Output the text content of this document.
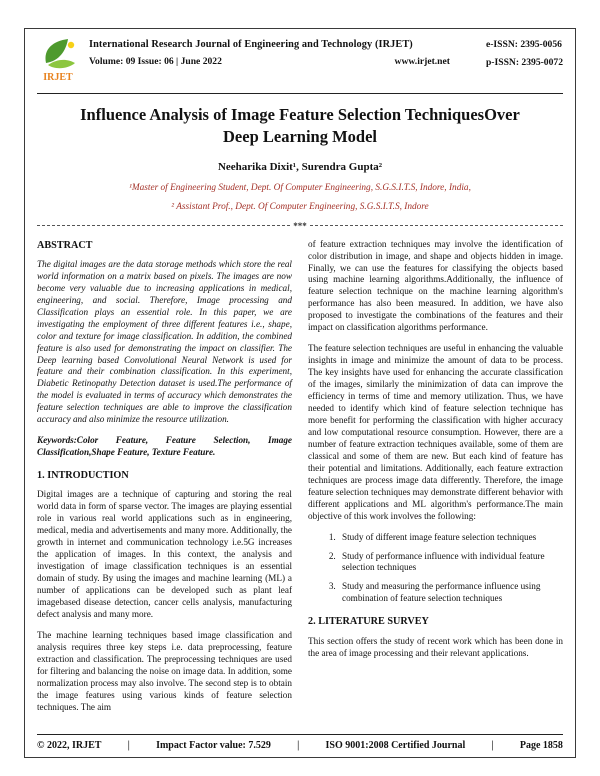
IRJET
International Research Journal of Engineering and Technology (IRJET)
Volume: 09 Issue: 06 | June 2022	www.irjet.net
e-ISSN: 2395-0056
p-ISSN: 2395-0072
Influence Analysis of Image Feature Selection TechniquesOver Deep Learning Model
Neeharika Dixit¹, Surendra Gupta²
¹Master of Engineering Student, Dept. Of Computer Engineering, S.G.S.I.T.S, Indore, India,
² Assistant Prof., Dept. Of Computer Engineering, S.G.S.I.T.S, Indore
***
ABSTRACT

The digital images are the data storage methods which store the real world information on a matrix based on pixels. The images are now become very valuable due to increasing applications in medical, engineering, and social. Therefore, Image processing and Classification plays an essential role. In this paper, we are investigating the employment of three different features i.e., shape, color and texture for image classification. In addition, the combined feature is also used for demonstrating the impact on classifier. The Deep learning based Convolutional Neural Network is used for feature and their combination classification. In this experiment, Diabetic Retinopathy Detection dataset is used.The performance of the model is evaluated in terms of accuracy which demonstrates the feature selection techniques are able to improve the classification accuracy and also minimize the resource utilization.

Keywords:Color Feature, Feature Selection, Image Classification,Shape Feature, Texture Feature.

1. INTRODUCTION

Digital images are a technique of capturing and storing the real world data in form of sparse vector. The images are playing essential role in various real world applications such as in engineering, medical, media and advertisements and many more. Additionally, the growth in internet and communication technology i.e.5G increases the application of images. In this context, the analysis and investigation of image classification techniques is an essential domain of study. By using the images and machine learning (ML) a number of applications can be developed such as plant leaf imagebased disease detection, cancer cells analysis, manufacturing defect analysis and many more.

The machine learning techniques based image classification and analysis requires three key steps i.e. data preprocessing, feature extraction and classification. The preprocessing techniques are used for filtering and balancing the noise on image data. In addition, some normalization process may also involve. The second step is to obtain the image features using various kinds of feature selection techniques. The aim

of feature extraction techniques may involve the identification of color distribution in image, and shape and objects hidden in image. Finally, we can use the features for classifying the objects based using machine learning algorithms.Additionally, the influence of feature selection technique on the machine learning algorithm's performance has also been measured. In addition, we have also proposed to investigate the combinations of the features and their impact on classification algorithms performance.

The feature selection techniques are useful in enhancing the valuable insights in image and minimize the amount of data to be process. The key insights have used for enhancing the accurate classification of the images, similarly the minimization of data can improve the efficiency in terms of time and memory utilization. Thus, we have needed to identify which kind of feature selection technique has more benefit for performing the classification with higher accuracy and low computational resource consumption. However, there are a number of feature extraction techniques available, some of them are classical and some of them are new. But each kind of feature has their potential and limitations. Additionally, each feature extraction techniques are process image data differently. Therefore, the image feature selection techniques may demonstrate different behavior with different applications and ML algorithm's performance.The main objective of this work involves the following:

1. Study of different image feature selection techniques
2. Study of performance influence with individual feature selection techniques
3. Study and measuring the performance influence using combination of feature selection techniques
2. LITERATURE SURVEY

This section offers the study of recent work which has been done in the area of image processing and their relevant applications.

© 2022, IRJET	|	Impact Factor value: 7.529	|	ISO 9001:2008 Certified Journal	|	Page 1858
